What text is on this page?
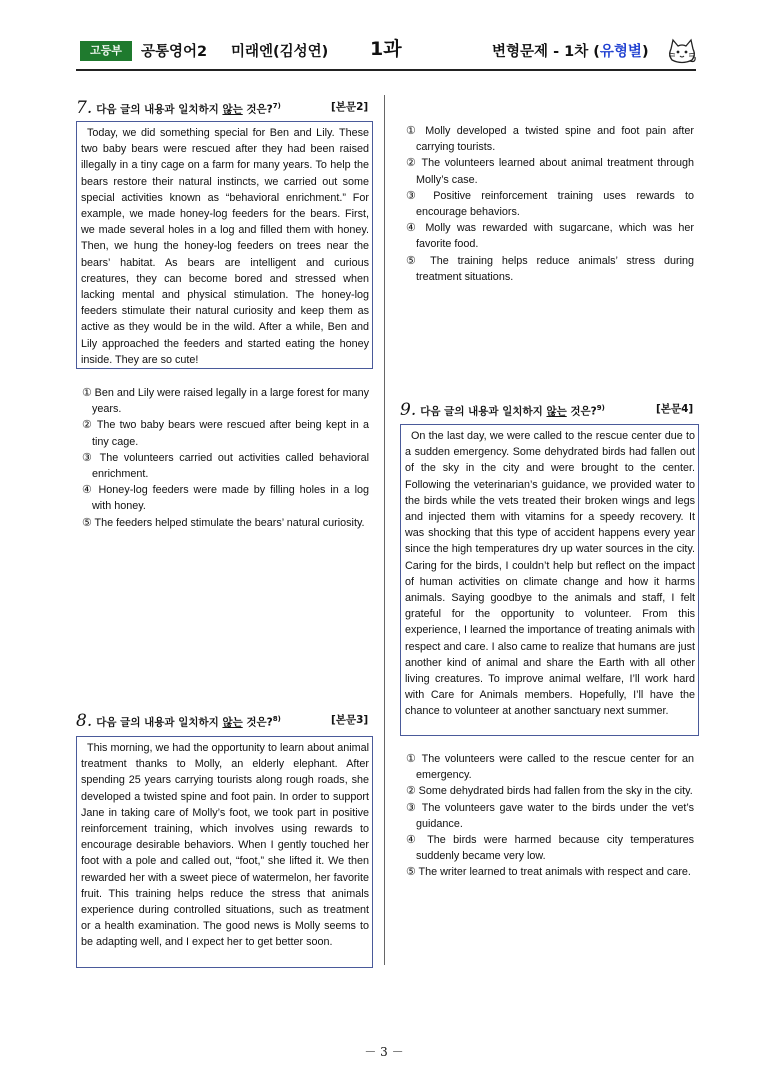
고등부	공통영어2 미래엔(김성연) 1과	변형문제 - 1차 (유형별)
7. 다음 글의 내용과 일치하지 않는 것은?$^{7)}$	[본문2]
Today, we did something special for Ben and Lily. These two baby bears were rescued after they had been raised illegally in a tiny cage on a farm for many years. To help the bears restore their natural instincts, we carried out some special activities known as “behavioral enrichment.” For example, we made honey-log feeders for the bears. First, we made several holes in a log and filled them with honey. Then, we hung the honey-log feeders on trees near the bears’ habitat. As bears are intelligent and curious creatures, they can become bored and stressed when lacking mental and physical stimulation. The honey-log feeders stimulate their natural curiosity and keep them as active as they would be in the wild. After a while, Ben and Lily approached the feeders and started eating the honey inside. They are so cute!

① Ben and Lily were raised legally in a large forest for many years.

② The two baby bears were rescued after being kept in a tiny cage.

③ The volunteers carried out activities called behavioral enrichment.

④ Honey-log feeders were made by filling holes in a log with honey.

⑤ The feeders helped stimulate the bears’ natural curiosity.

8. 다음 글의 내용과 일치하지 않는 것은?$^{8)}$	[본문3]
This morning, we had the opportunity to learn about animal treatment thanks to Molly, an elderly elephant. After spending 25 years carrying tourists along rough roads, she developed a twisted spine and foot pain. In order to support Jane in taking care of Molly’s foot, we took part in positive reinforcement training, which involves using rewards to encourage desirable behaviors. When I gently touched her foot with a pole and called out, “foot,” she lifted it. We then rewarded her with a sweet piece of watermelon, her favorite fruit. This training helps reduce the stress that animals experience during controlled situations, such as treatment or a health examination. The good news is Molly seems to be adapting well, and I expect her to get better soon.

① Molly developed a twisted spine and foot pain after carrying tourists.

② The volunteers learned about animal treatment through Molly’s case.

③ Positive reinforcement training uses rewards to encourage behaviors.

④ Molly was rewarded with sugarcane, which was her favorite food.

⑤ The training helps reduce animals’ stress during treatment situations.

9. 다음 글의 내용과 일치하지 않는 것은?$^{9)}$	[본문4]
On the last day, we were called to the rescue center due to a sudden emergency. Some dehydrated birds had fallen out of the sky in the city and were brought to the center. Following the veterinarian’s guidance, we provided water to the birds while the vets treated their broken wings and legs and injected them with vitamins for a speedy recovery. It was shocking that this type of accident happens every year since the high temperatures dry up water sources in the city. Caring for the birds, I couldn’t help but reflect on the impact of human activities on climate change and how it harms animals. Saying goodbye to the animals and staff, I felt grateful for the opportunity to volunteer. From this experience, I learned the importance of treating animals with respect and care. I also came to realize that humans are just another kind of animal and share the Earth with all other living creatures. To improve animal welfare, I’ll work hard with Care for Animals members. Hopefully, I’ll have the chance to volunteer at another sanctuary next summer.

① The volunteers were called to the rescue center for an emergency.

② Some dehydrated birds had fallen from the sky in the city.

③ The volunteers gave water to the birds under the vet’s guidance.

④ The birds were harmed because city temperatures suddenly became very low.

⑤ The writer learned to treat animals with respect and care.

－ 3 －
